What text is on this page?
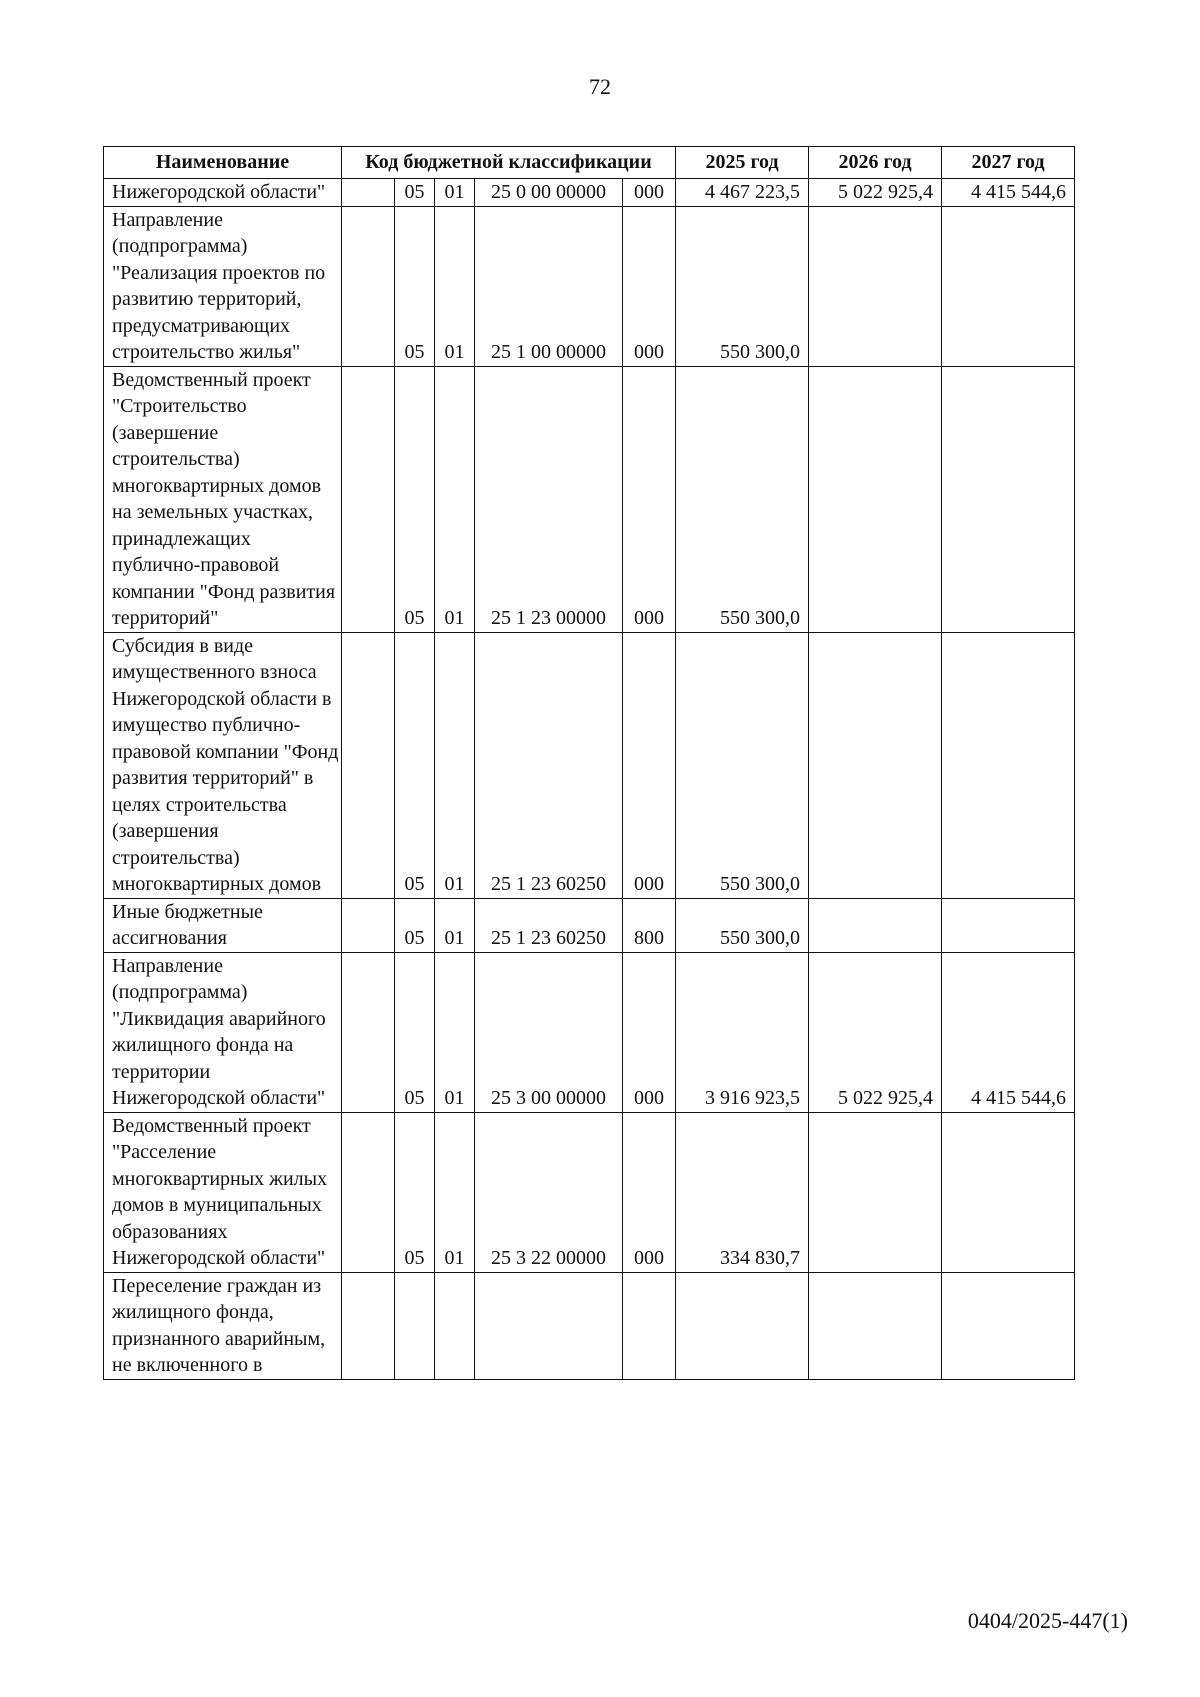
72
Наименование	Код бюджетной классификации					2025 год	2026 год	2027 год
Нижегородской области"		05	01	25 0 00 00000	000	4 467 223,5	5 022 925,4	4 415 544,6
Направление (подпрограмма) "Реализация проектов по развитию территорий, предусматривающих строительство жилья"		05	01	25 1 00 00000	000	550 300,0		
Ведомственный проект "Строительство (завершение строительства) многоквартирных домов на земельных участках, принадлежащих публично-правовой компании "Фонд развития территорий"		05	01	25 1 23 00000	000	550 300,0		
Субсидия в виде имущественного взноса Нижегородской области в имущество публично-правовой компании "Фонд развития территорий" в целях строительства (завершения строительства) многоквартирных домов		05	01	25 1 23 60250	000	550 300,0		
Иные бюджетные ассигнования		05	01	25 1 23 60250	800	550 300,0		
Направление (подпрограмма) "Ликвидация аварийного жилищного фонда на территории Нижегородской области"		05	01	25 3 00 00000	000	3 916 923,5	5 022 925,4	4 415 544,6
Ведомственный проект "Расселение многоквартирных жилых домов в муниципальных образованиях Нижегородской области"		05	01	25 3 22 00000	000	334 830,7		
Переселение граждан из жилищного фонда, признанного аварийным, не включенного в								
0404/2025-447(1)
